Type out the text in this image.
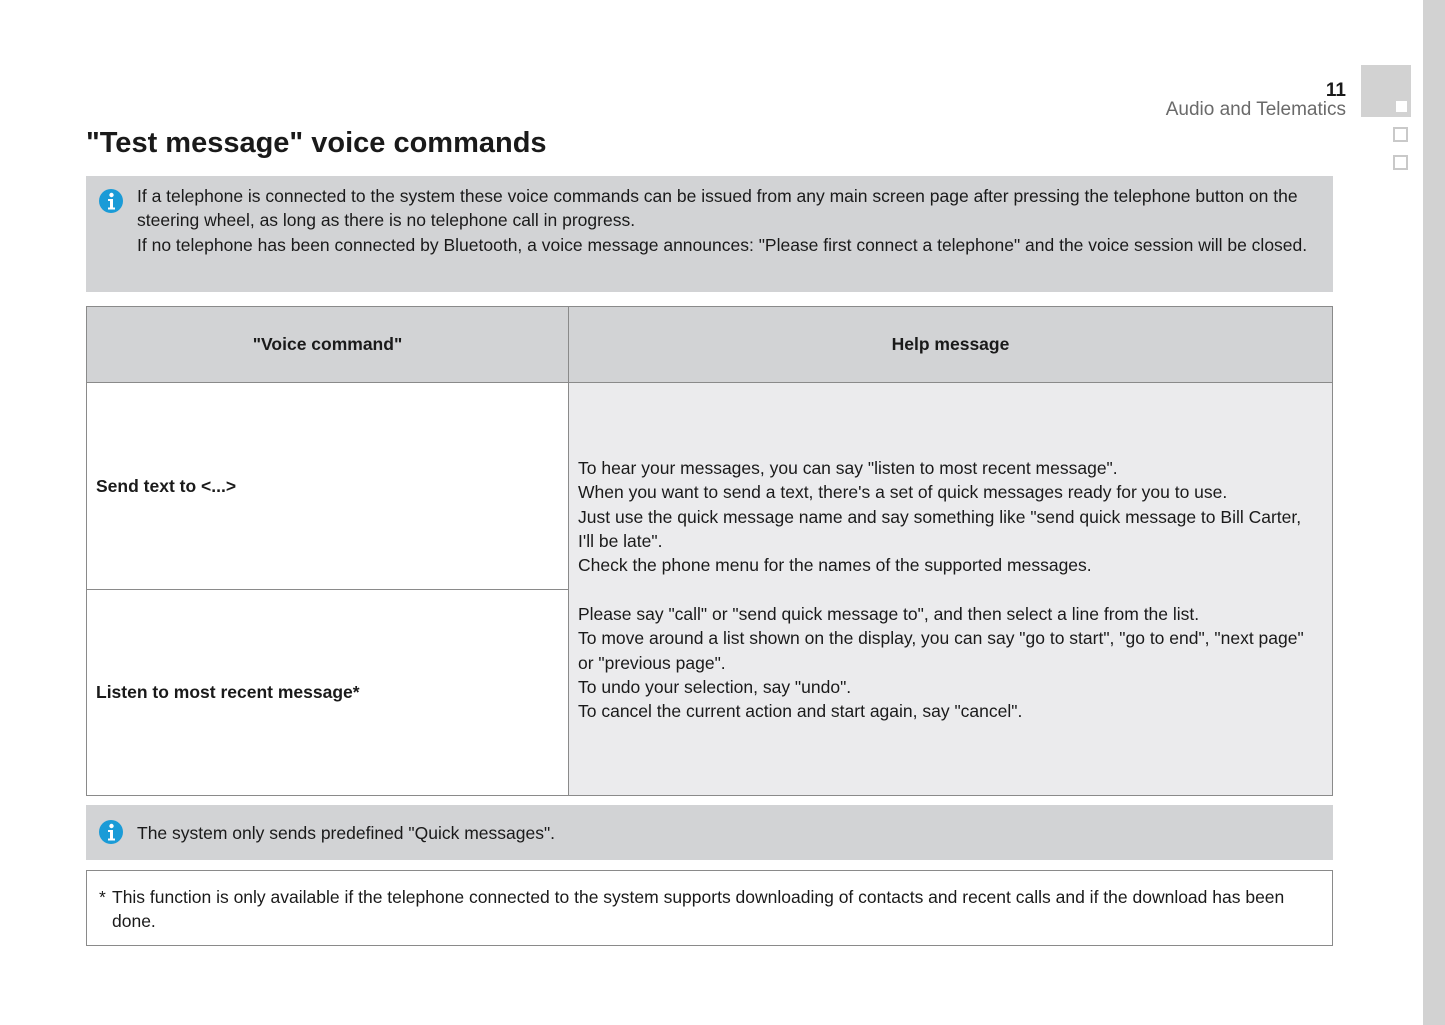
11
Audio and Telematics
"Test message" voice commands

If a telephone is connected to the system these voice commands can be issued from any main screen page after pressing the telephone button on the steering wheel, as long as there is no telephone call in progress.

If no telephone has been connected by Bluetooth, a voice message announces: "Please first connect a telephone" and the voice session will be closed.

"Voice command"	Help message
Send text to <...>
Listen to most recent message*

To hear your messages, you can say "listen to most recent message".

When you want to send a text, there's a set of quick messages ready for you to use.

Just use the quick message name and say something like "send quick message to Bill Carter, I'll be late".

Check the phone menu for the names of the supported messages.

Please say "call" or "send quick message to", and then select a line from the list.

To move around a list shown on the display, you can say "go to start", "go to end", "next page" or "previous page".

To undo your selection, say "undo".

To cancel the current action and start again, say "cancel".

The system only sends predefined "Quick messages".
* This function is only available if the telephone connected to the system supports downloading of contacts and recent calls and if the download has been done.
